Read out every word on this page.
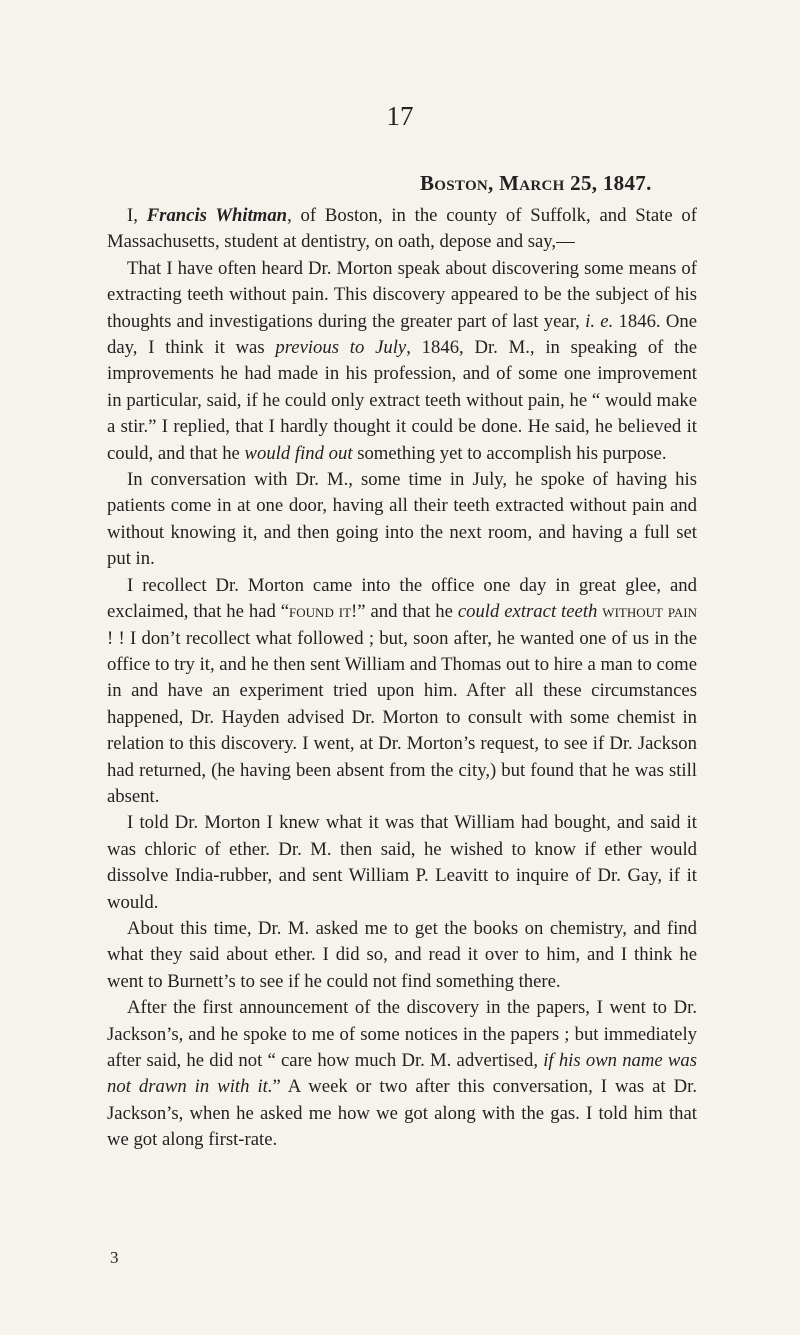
17
Boston, March 25, 1847.

I, Francis Whitman, of Boston, in the county of Suffolk, and State of Massachusetts, student at dentistry, on oath, depose and say,—

That I have often heard Dr. Morton speak about discovering some means of extracting teeth without pain. This discovery appeared to be the subject of his thoughts and investigations during the greater part of last year, i. e. 1846. One day, I think it was previous to July, 1846, Dr. M., in speaking of the improvements he had made in his profession, and of some one improvement in particular, said, if he could only extract teeth without pain, he “ would make a stir.” I replied, that I hardly thought it could be done. He said, he believed it could, and that he would find out something yet to accomplish his purpose.

In conversation with Dr. M., some time in July, he spoke of having his patients come in at one door, having all their teeth extracted without pain and without knowing it, and then going into the next room, and having a full set put in.

I recollect Dr. Morton came into the office one day in great glee, and exclaimed, that he had “found it!” and that he could extract teeth without pain ! ! I don’t recollect what followed ; but, soon after, he wanted one of us in the office to try it, and he then sent William and Thomas out to hire a man to come in and have an experiment tried upon him. After all these circumstances happened, Dr. Hayden advised Dr. Morton to consult with some chemist in relation to this discovery. I went, at Dr. Morton’s request, to see if Dr. Jackson had returned, (he having been absent from the city,) but found that he was still absent.

I told Dr. Morton I knew what it was that William had bought, and said it was chloric of ether. Dr. M. then said, he wished to know if ether would dissolve India-rubber, and sent William P. Leavitt to inquire of Dr. Gay, if it would.

About this time, Dr. M. asked me to get the books on chemistry, and find what they said about ether. I did so, and read it over to him, and I think he went to Burnett’s to see if he could not find something there.

After the first announcement of the discovery in the papers, I went to Dr. Jackson’s, and he spoke to me of some notices in the papers ; but immediately after said, he did not “ care how much Dr. M. advertised, if his own name was not drawn in with it.” A week or two after this conversation, I was at Dr. Jackson’s, when he asked me how we got along with the gas. I told him that we got along first-rate.

3
